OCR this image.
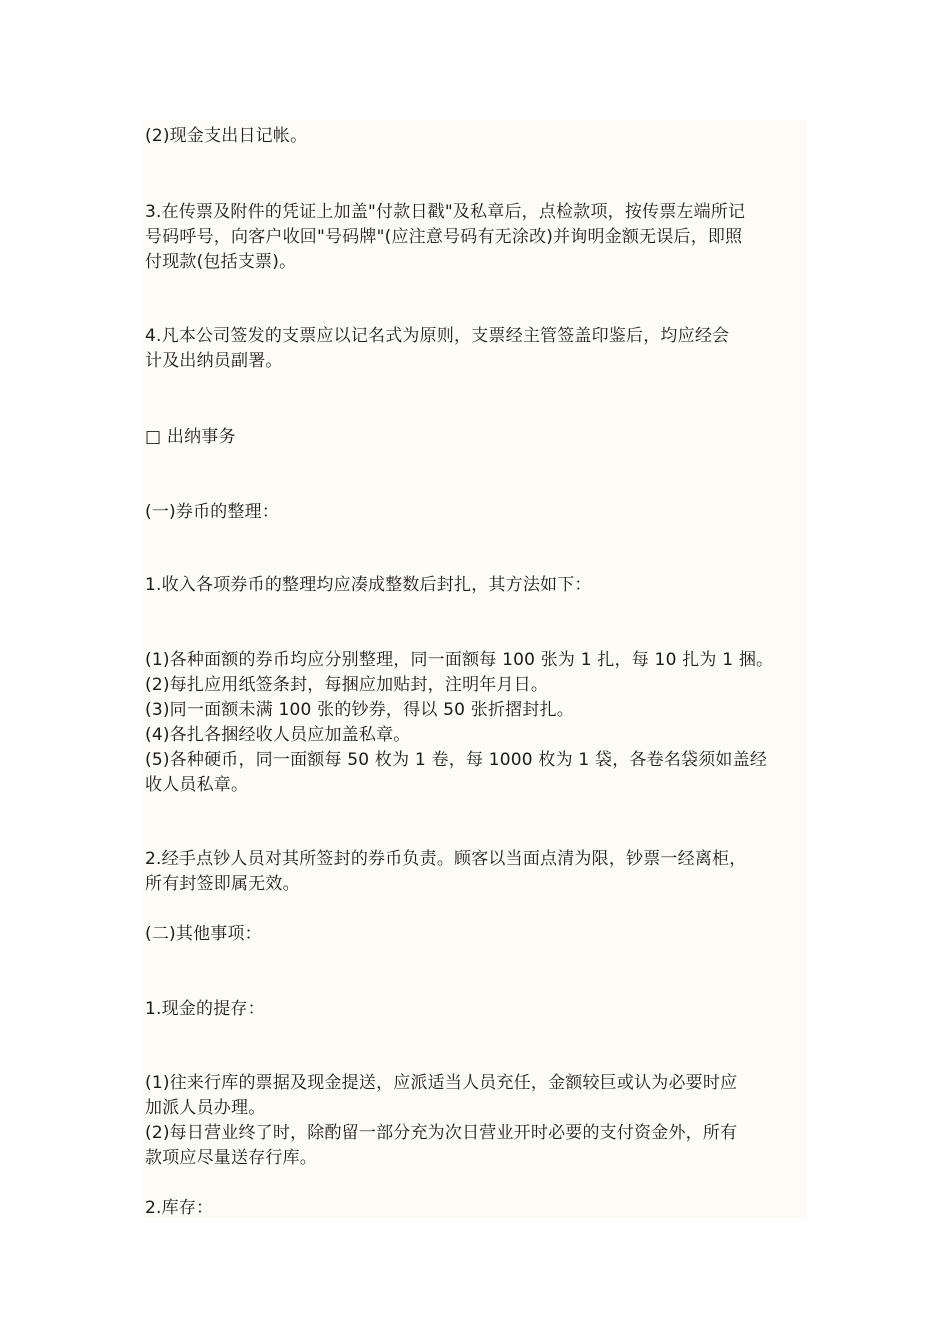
(2)现金支出日记帐。
3.在传票及附件的凭证上加盖"付款日戳"及私章后，点检款项，按传票左端所记
号码呼号，向客户收回"号码牌"(应注意号码有无涂改)并询明金额无误后，即照
付现款(包括支票)。
4.凡本公司签发的支票应以记名式为原则，支票经主管签盖印鉴后，均应经会
计及出纳员副署。
□ 出纳事务
(一)券币的整理：
1.收入各项券币的整理均应凑成整数后封扎，其方法如下：
(1)各种面额的券币均应分别整理，同一面额每 100 张为 1 扎，每 10 扎为 1 捆。
(2)每扎应用纸签条封，每捆应加贴封，注明年月日。
(3)同一面额未满 100 张的钞券，得以 50 张折摺封扎。
(4)各扎各捆经收人员应加盖私章。
(5)各种硬币，同一面额每 50 枚为 1 卷，每 1000 枚为 1 袋，各卷名袋须如盖经
收人员私章。
2.经手点钞人员对其所签封的券币负责。顾客以当面点清为限，钞票一经离柜，
所有封签即属无效。
(二)其他事项：
1.现金的提存：
(1)往来行库的票据及现金提送，应派适当人员充任，金额较巨或认为必要时应
加派人员办理。
(2)每日营业终了时，除酌留一部分充为次日营业开时必要的支付资金外，所有
款项应尽量送存行库。
2.库存：
